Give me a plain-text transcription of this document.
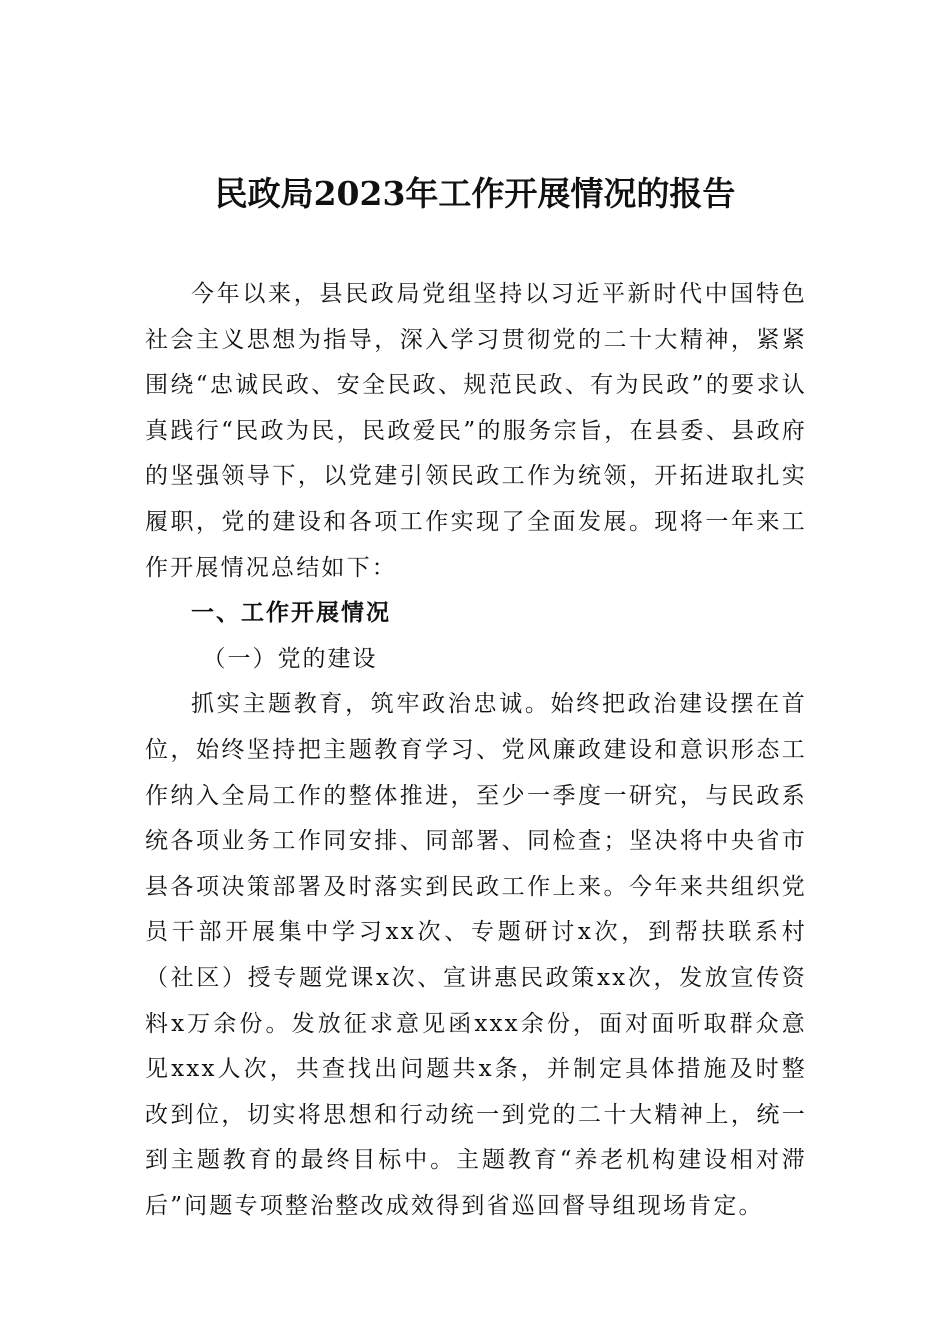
民政局2023年工作开展情况的报告

今年以来，县民政局党组坚持以习近平新时代中国特色社会主义思想为指导，深入学习贯彻党的二十大精神，紧紧围绕“忠诚民政、安全民政、规范民政、有为民政”的要求认真践行“民政为民，民政爱民”的服务宗旨，在县委、县政府的坚强领导下，以党建引领民政工作为统领，开拓进取扎实履职，党的建设和各项工作实现了全面发展。现将一年来工作开展情况总结如下：

一、工作开展情况

（一）党的建设

抓实主题教育，筑牢政治忠诚。始终把政治建设摆在首位，始终坚持把主题教育学习、党风廉政建设和意识形态工作纳入全局工作的整体推进，至少一季度一研究，与民政系统各项业务工作同安排、同部署、同检查；坚决将中央省市县各项决策部署及时落实到民政工作上来。今年来共组织党员干部开展集中学习xx次、专题研讨x次，到帮扶联系村（社区）授专题党课x次、宣讲惠民政策xx次，发放宣传资料x万余份。发放征求意见函xxx余份，面对面听取群众意见xxx人次，共查找出问题共x条，并制定具体措施及时整改到位，切实将思想和行动统一到党的二十大精神上，统一到主题教育的最终目标中。主题教育“养老机构建设相对滞后”问题专项整治整改成效得到省巡回督导组现场肯定。
